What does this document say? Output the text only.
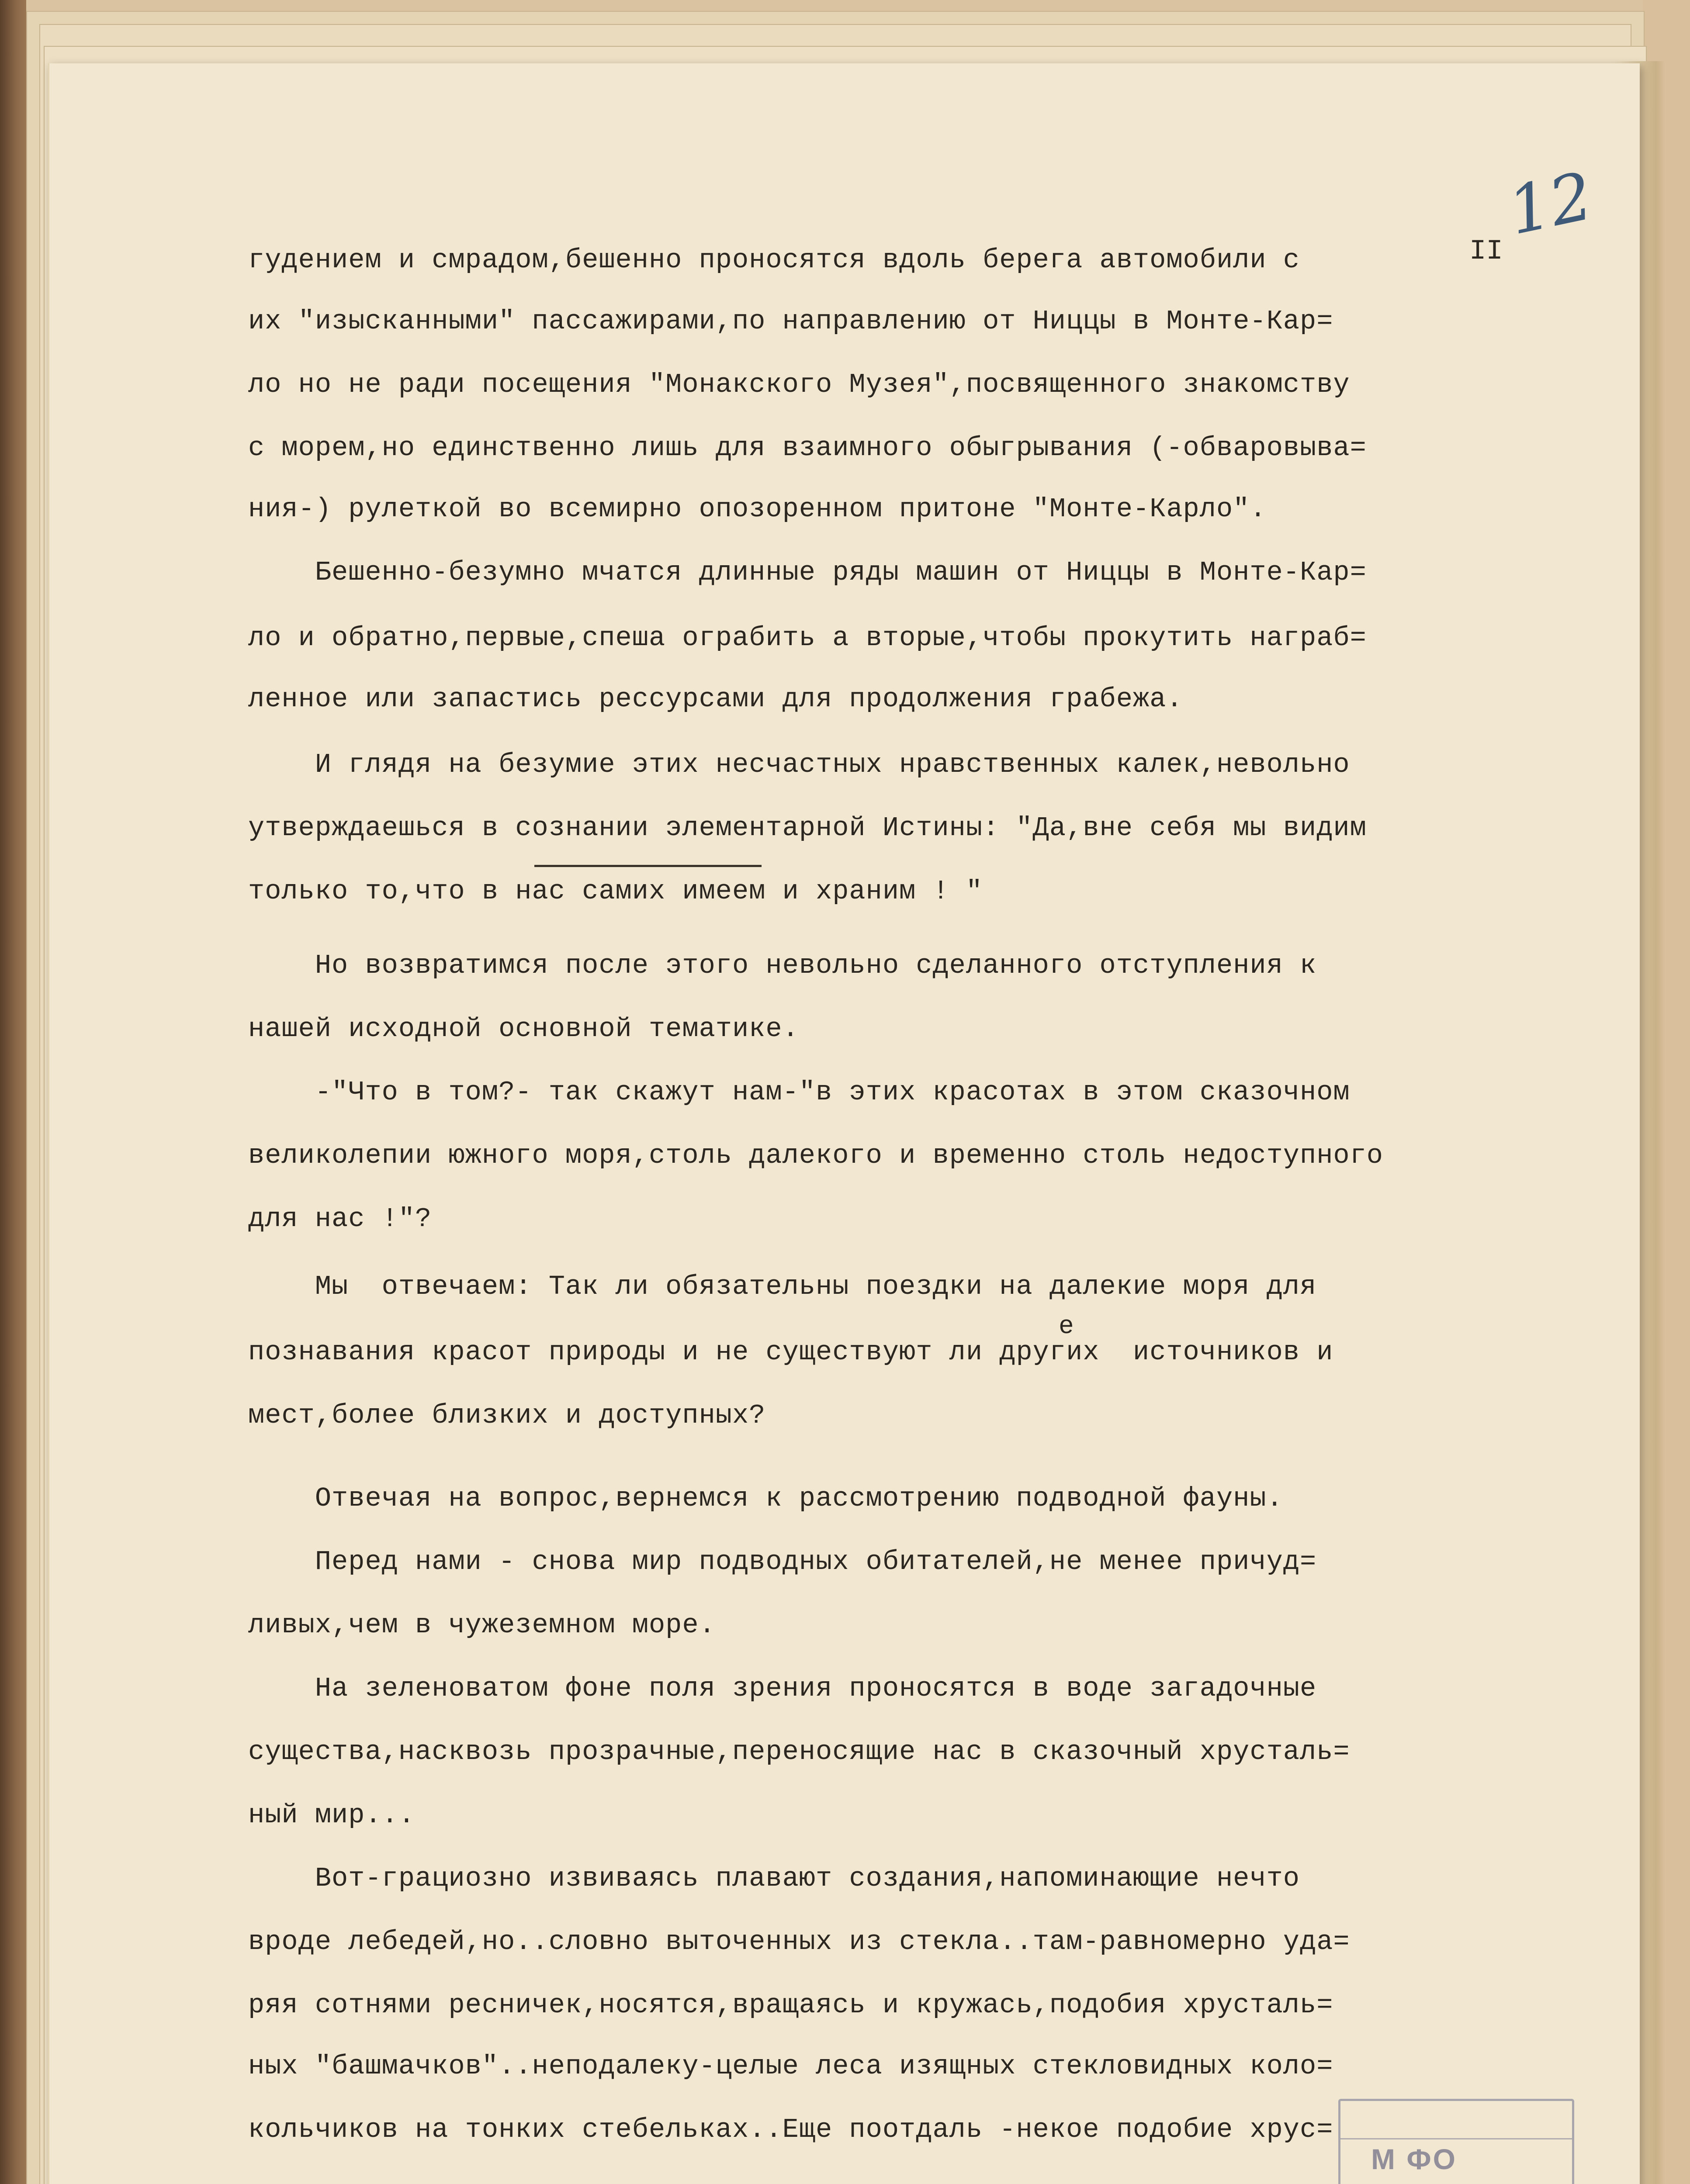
12
II
гудением и смрадом,бешенно проносятся вдоль берега автомобили с
их "изысканными" пассажирами,по направлению от Ниццы в Монте-Кар=
ло но не ради посещения "Монакского Музея",посвященного знакомству
с морем,но единственно лишь для взаимного обыгрывания (-обваровыва=
ния-) рулеткой во всемирно опозоренном притоне "Монте-Карло".
Бешенно-безумно мчатся длинные ряды машин от Ниццы в Монте-Кар=
ло и обратно,первые,спеша ограбить а вторые,чтобы прокутить награб=
ленное или запастись рессурсами для продолжения грабежа.
И глядя на безумие этих несчастных нравственных калек,невольно
утверждаешься в сознании элементарной Истины: "Да,вне себя мы видим
только то,что в нас самих имеем и храним ! "
Но возвратимся после этого невольно сделанного отступления к
нашей исходной основной тематике.
-"Что в том?- так скажут нам-"в этих красотах в этом сказочном
великолепии южного моря,столь далекого и временно столь недоступного
для нас !"?
Мы  отвечаем: Так ли обязательны поездки на далекие моря для
е
познавания красот природы и не существуют ли других  источников и
мест,более близких и доступных?
Отвечая на вопрос,вернемся к рассмотрению подводной фауны.
Перед нами - снова мир подводных обитателей,не менее причуд=
ливых,чем в чужеземном море.
На зеленоватом фоне поля зрения проносятся в воде загадочные
существа,насквозь прозрачные,переносящие нас в сказочный хрусталь=
ный мир...
Вот-грациозно извиваясь плавают создания,напоминающие нечто
вроде лебедей,но..словно выточенных из стекла..там-равномерно уда=
ряя сотнями ресничек,носятся,вращаясь и кружась,подобия хрусталь=
ных "башмачков"..неподалеку-целые леса изящных стекловидных коло=
кольчиков на тонких стебельках..Еще поотдаль -некое подобие хрус=
М ФО
